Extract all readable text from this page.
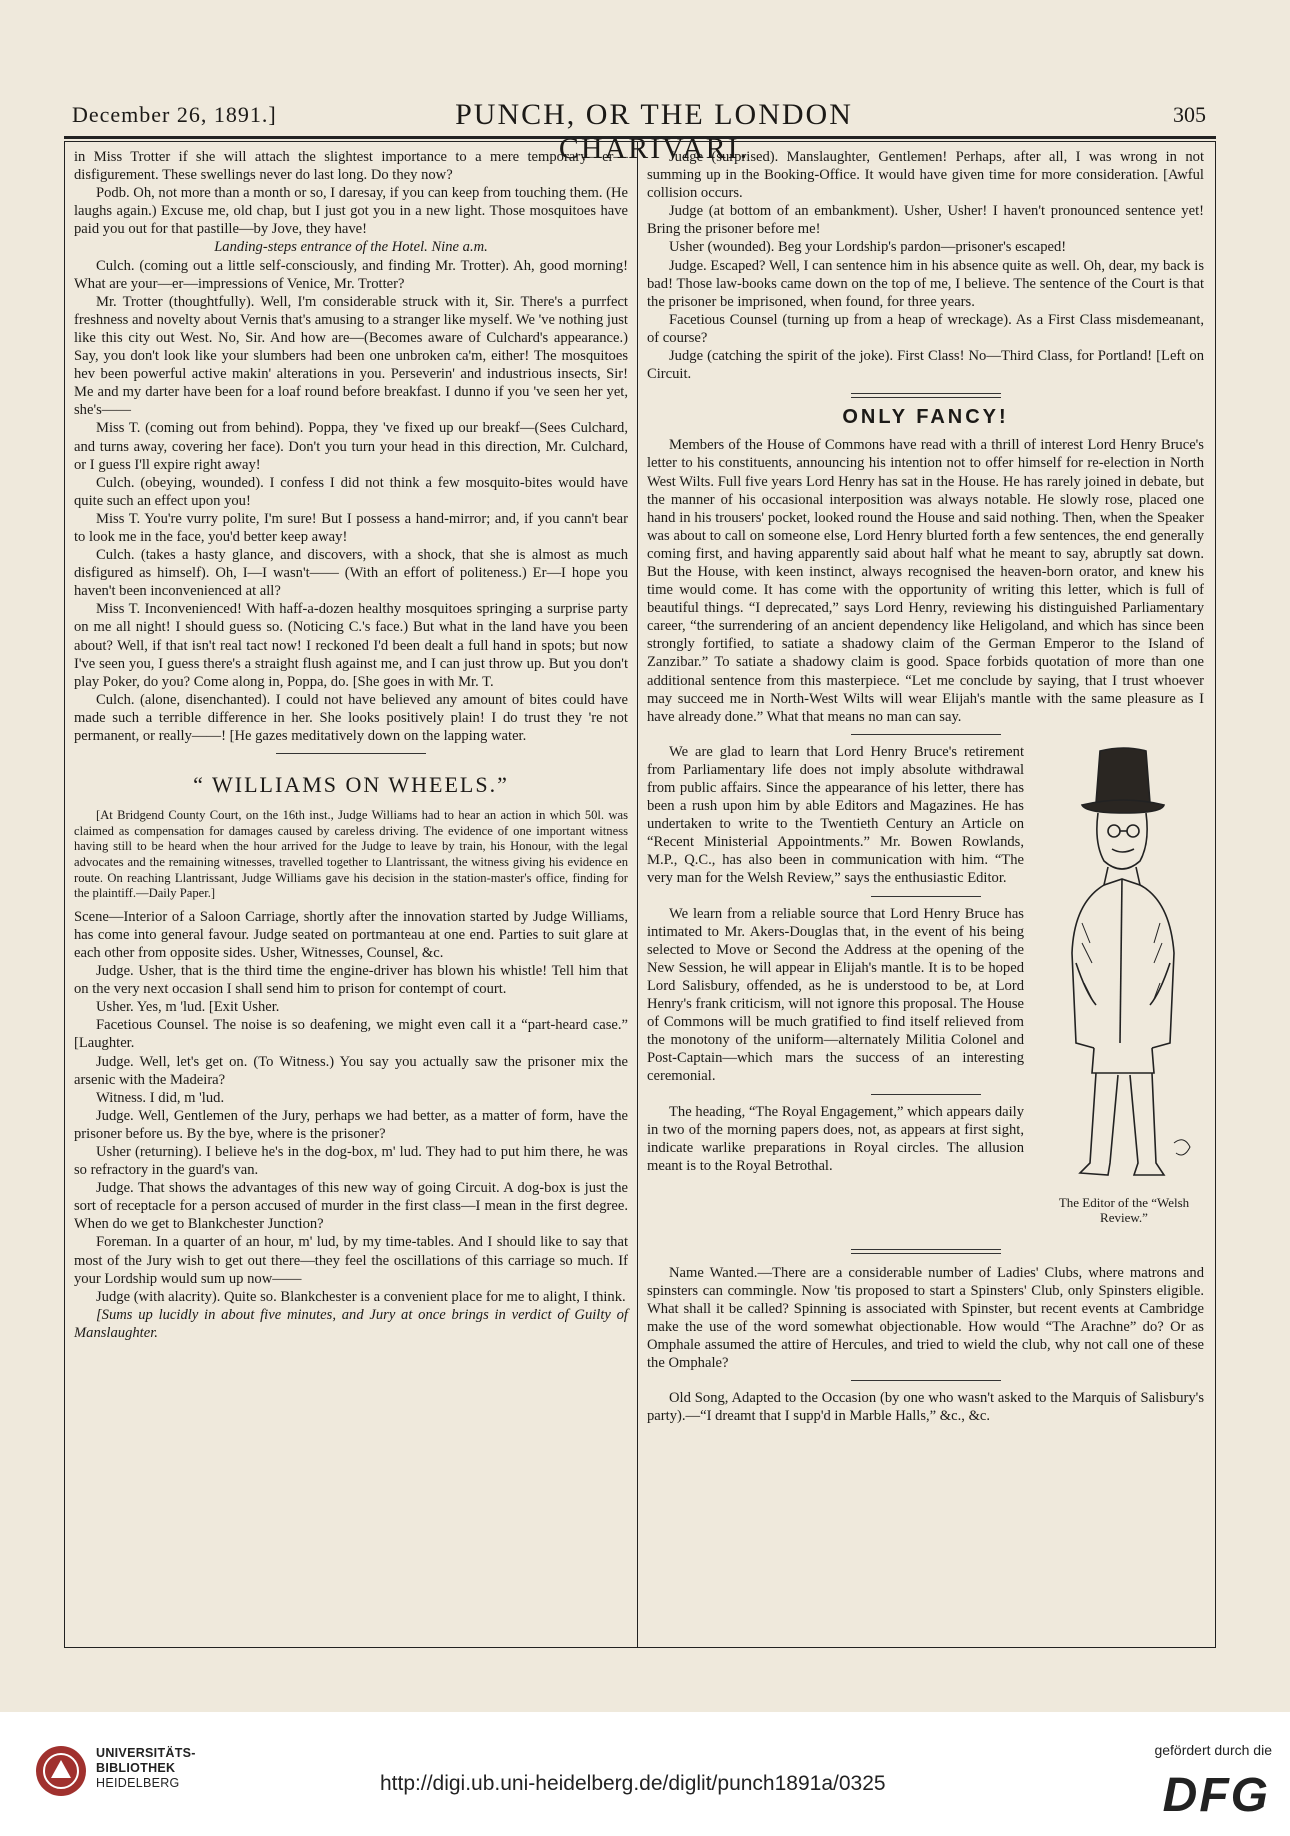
December 26, 1891.]	PUNCH, OR THE LONDON CHARIVARI.
305

in Miss Trotter if she will attach the slightest importance to a mere temporary—er—disfigurement. These swellings never do last long. Do they now?

Podb. Oh, not more than a month or so, I daresay, if you can keep from touching them. (He laughs again.) Excuse me, old chap, but I just got you in a new light. Those mosquitoes have paid you out for that pastille—by Jove, they have!

Landing-steps entrance of the Hotel. Nine a.m.

Culch. (coming out a little self-consciously, and finding Mr. Trotter). Ah, good morning! What are your—er—impressions of Venice, Mr. Trotter?

Mr. Trotter (thoughtfully). Well, I'm considerable struck with it, Sir. There's a purrfect freshness and novelty about Vernis that's amusing to a stranger like myself. We 've nothing just like this city out West. No, Sir. And how are—(Becomes aware of Culchard's appearance.) Say, you don't look like your slumbers had been one unbroken ca'm, either! The mosquitoes hev been powerful active makin' alterations in you. Perseverin' and industrious insects, Sir! Me and my darter have been for a loaf round before breakfast. I dunno if you 've seen her yet, she's——

Miss T. (coming out from behind). Poppa, they 've fixed up our breakf—(Sees Culchard, and turns away, covering her face). Don't you turn your head in this direction, Mr. Culchard, or I guess I'll expire right away!

Culch. (obeying, wounded). I confess I did not think a few mosquito-bites would have quite such an effect upon you!

Miss T. You're vurry polite, I'm sure! But I possess a hand-mirror; and, if you cann't bear to look me in the face, you'd better keep away!

Culch. (takes a hasty glance, and discovers, with a shock, that she is almost as much disfigured as himself). Oh, I—I wasn't—— (With an effort of politeness.) Er—I hope you haven't been inconvenienced at all?

Miss T. Inconvenienced! With haff-a-dozen healthy mosquitoes springing a surprise party on me all night! I should guess so. (Noticing C.'s face.) But what in the land have you been about? Well, if that isn't real tact now! I reckoned I'd been dealt a full hand in spots; but now I've seen you, I guess there's a straight flush against me, and I can just throw up. But you don't play Poker, do you? Come along in, Poppa, do. [She goes in with Mr. T.

Culch. (alone, disenchanted). I could not have believed any amount of bites could have made such a terrible difference in her. She looks positively plain! I do trust they 're not permanent, or really——! [He gazes meditatively down on the lapping water.

“ WILLIAMS ON WHEELS.”

[At Bridgend County Court, on the 16th inst., Judge Williams had to hear an action in which 50l. was claimed as compensation for damages caused by careless driving. The evidence of one important witness having still to be heard when the hour arrived for the Judge to leave by train, his Honour, with the legal advocates and the remaining witnesses, travelled together to Llantrissant, the witness giving his evidence en route. On reaching Llantrissant, Judge Williams gave his decision in the station-master's office, finding for the plaintiff.—Daily Paper.]

Scene—Interior of a Saloon Carriage, shortly after the innovation started by Judge Williams, has come into general favour. Judge seated on portmanteau at one end. Parties to suit glare at each other from opposite sides. Usher, Witnesses, Counsel, &c.

Judge. Usher, that is the third time the engine-driver has blown his whistle! Tell him that on the very next occasion I shall send him to prison for contempt of court.

Usher. Yes, m 'lud. [Exit Usher.

Facetious Counsel. The noise is so deafening, we might even call it a “part-heard case.” [Laughter.

Judge. Well, let's get on. (To Witness.) You say you actually saw the prisoner mix the arsenic with the Madeira?

Witness. I did, m 'lud.

Judge. Well, Gentlemen of the Jury, perhaps we had better, as a matter of form, have the prisoner before us. By the bye, where is the prisoner?

Usher (returning). I believe he's in the dog-box, m' lud. They had to put him there, he was so refractory in the guard's van.

Judge. That shows the advantages of this new way of going Circuit. A dog-box is just the sort of receptacle for a person accused of murder in the first class—I mean in the first degree. When do we get to Blankchester Junction?

Foreman. In a quarter of an hour, m' lud, by my time-tables. And I should like to say that most of the Jury wish to get out there—they feel the oscillations of this carriage so much. If your Lordship would sum up now——

Judge (with alacrity). Quite so. Blankchester is a convenient place for me to alight, I think.

[Sums up lucidly in about five minutes, and Jury at once brings in verdict of Guilty of Manslaughter.

Judge (surprised). Manslaughter, Gentlemen! Perhaps, after all, I was wrong in not summing up in the Booking-Office. It would have given time for more consideration. [Awful collision occurs.

Judge (at bottom of an embankment). Usher, Usher! I haven't pronounced sentence yet! Bring the prisoner before me!

Usher (wounded). Beg your Lordship's pardon—prisoner's escaped!

Judge. Escaped? Well, I can sentence him in his absence quite as well. Oh, dear, my back is bad! Those law-books came down on the top of me, I believe. The sentence of the Court is that the prisoner be imprisoned, when found, for three years.

Facetious Counsel (turning up from a heap of wreckage). As a First Class misdemeanant, of course?

Judge (catching the spirit of the joke). First Class! No—Third Class, for Portland! [Left on Circuit.

ONLY FANCY!

Members of the House of Commons have read with a thrill of interest Lord Henry Bruce's letter to his constituents, announcing his intention not to offer himself for re-election in North West Wilts. Full five years Lord Henry has sat in the House. He has rarely joined in debate, but the manner of his occasional interposition was always notable. He slowly rose, placed one hand in his trousers' pocket, looked round the House and said nothing. Then, when the Speaker was about to call on someone else, Lord Henry blurted forth a few sentences, the end generally coming first, and having apparently said about half what he meant to say, abruptly sat down. But the House, with keen instinct, always recognised the heaven-born orator, and knew his time would come. It has come with the opportunity of writing this letter, which is full of beautiful things. “I deprecated,” says Lord Henry, reviewing his distinguished Parliamentary career, “the surrendering of an ancient dependency like Heligoland, and which has since been strongly fortified, to satiate a shadowy claim of the German Emperor to the Island of Zanzibar.” To satiate a shadowy claim is good. Space forbids quotation of more than one additional sentence from this masterpiece. “Let me conclude by saying, that I trust whoever may succeed me in North-West Wilts will wear Elijah's mantle with the same pleasure as I have already done.” What that means no man can say.

The Editor of the “Welsh Review.”

We are glad to learn that Lord Henry Bruce's retirement from Parliamentary life does not imply absolute withdrawal from public affairs. Since the appearance of his letter, there has been a rush upon him by able Editors and Magazines. He has undertaken to write to the Twentieth Century an Article on “Recent Ministerial Appointments.” Mr. Bowen Rowlands, M.P., Q.C., has also been in communication with him. “The very man for the Welsh Review,” says the enthusiastic Editor.

We learn from a reliable source that Lord Henry Bruce has intimated to Mr. Akers-Douglas that, in the event of his being selected to Move or Second the Address at the opening of the New Session, he will appear in Elijah's mantle. It is to be hoped Lord Salisbury, offended, as he is understood to be, at Lord Henry's frank criticism, will not ignore this proposal. The House of Commons will be much gratified to find itself relieved from the monotony of the uniform—alternately Militia Colonel and Post-Captain—which mars the success of an interesting ceremonial.

The heading, “The Royal Engagement,” which appears daily in two of the morning papers does, not, as appears at first sight, indicate warlike preparations in Royal circles. The allusion meant is to the Royal Betrothal.

Name Wanted.—There are a considerable number of Ladies' Clubs, where matrons and spinsters can commingle. Now 'tis proposed to start a Spinsters' Club, only Spinsters eligible. What shall it be called? Spinning is associated with Spinster, but recent events at Cambridge make the use of the word somewhat objectionable. How would “The Arachne” do? Or as Omphale assumed the attire of Hercules, and tried to wield the club, why not call one of these the Omphale?

Old Song, Adapted to the Occasion (by one who wasn't asked to the Marquis of Salisbury's party).—“I dreamt that I supp'd in Marble Halls,” &c., &c.

UNIVERSITÄTS-
BIBLIOTHEK
HEIDELBERG	http://digi.ub.uni-heidelberg.de/diglit/punch1891a/0325
gefördert durch die
DFG
